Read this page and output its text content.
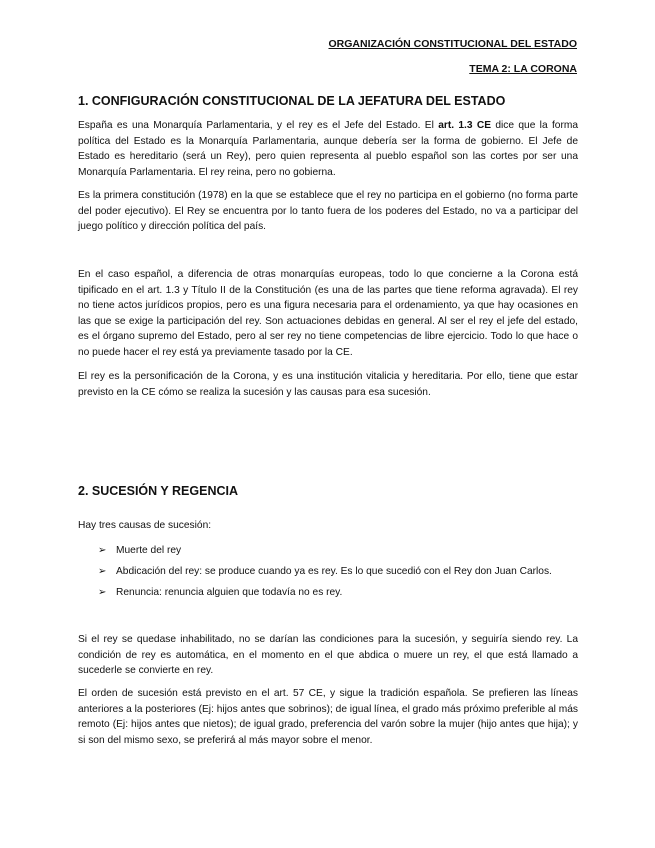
ORGANIZACIÓN CONSTITUCIONAL DEL ESTADO
TEMA 2: LA CORONA
1. CONFIGURACIÓN CONSTITUCIONAL DE LA JEFATURA DEL ESTADO
España es una Monarquía Parlamentaria, y el rey es el Jefe del Estado. El art. 1.3 CE dice que la forma política del Estado es la Monarquía Parlamentaria, aunque debería ser la forma de gobierno. El Jefe de Estado es hereditario (será un Rey), pero quien representa al pueblo español son las cortes por ser una Monarquía Parlamentaria. El rey reina, pero no gobierna.
Es la primera constitución (1978) en la que se establece que el rey no participa en el gobierno (no forma parte del poder ejecutivo). El Rey se encuentra por lo tanto fuera de los poderes del Estado, no va a participar del juego político y dirección política del país.
En el caso español, a diferencia de otras monarquías europeas, todo lo que concierne a la Corona está tipificado en el art. 1.3 y Título II de la Constitución (es una de las partes que tiene reforma agravada). El rey no tiene actos jurídicos propios, pero es una figura necesaria para el ordenamiento, ya que hay ocasiones en las que se exige la participación del rey. Son actuaciones debidas en general. Al ser el rey el jefe del estado, es el órgano supremo del Estado, pero al ser rey no tiene competencias de libre ejercicio. Todo lo que hace o no puede hacer el rey está ya previamente tasado por la CE.
El rey es la personificación de la Corona, y es una institución vitalicia y hereditaria. Por ello, tiene que estar previsto en la CE cómo se realiza la sucesión y las causas para esa sucesión.
2. SUCESIÓN Y REGENCIA
Hay tres causas de sucesión:
➢ Muerte del rey
➢ Abdicación del rey: se produce cuando ya es rey. Es lo que sucedió con el Rey don Juan Carlos.
➢ Renuncia: renuncia alguien que todavía no es rey.
Si el rey se quedase inhabilitado, no se darían las condiciones para la sucesión, y seguiría siendo rey. La condición de rey es automática, en el momento en el que abdica o muere un rey, el que está llamado a sucederle se convierte en rey.
El orden de sucesión está previsto en el art. 57 CE, y sigue la tradición española. Se prefieren las líneas anteriores a la posteriores (Ej: hijos antes que sobrinos); de igual línea, el grado más próximo preferible al más remoto (Ej: hijos antes que nietos); de igual grado, preferencia del varón sobre la mujer (hijo antes que hija); y si son del mismo sexo, se preferirá al más mayor sobre el menor.
